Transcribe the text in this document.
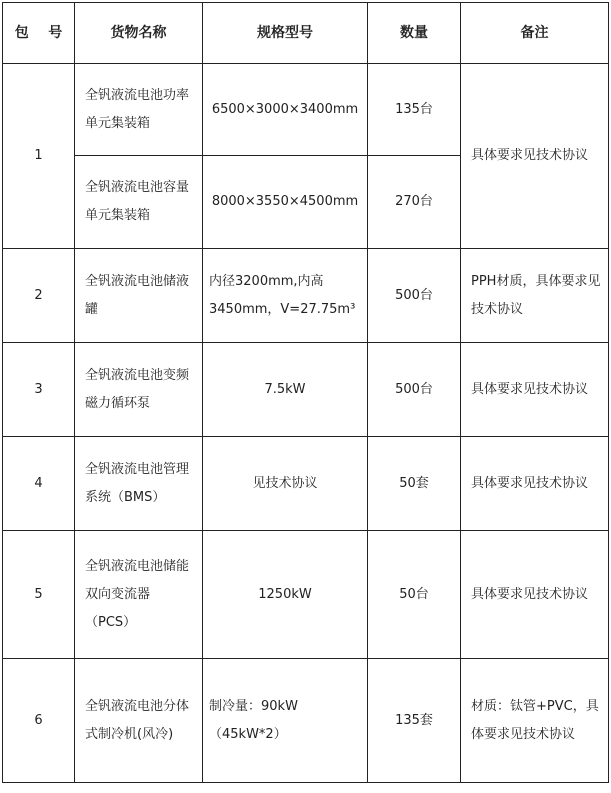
包    号	货物名称	规格型号	数量	备注
1	全钒液流电池功率单元集装箱	6500×3000×3400mm	135台	具体要求见技术协议
	全钒液流电池容量单元集装箱	8000×3550×4500mm	270台	
2	全钒液流电池储液罐	内径3200mm,内高3450mm，V=27.75m³	500台	PPH材质，具体要求见技术协议
3	全钒液流电池变频磁力循环泵	7.5kW	500台	具体要求见技术协议
4	全钒液流电池管理系统（BMS）	见技术协议	50套	具体要求见技术协议
5	全钒液流电池储能双向变流器（PCS）	1250kW	50台	具体要求见技术协议
6	全钒液流电池分体式制冷机(风冷)	制冷量：90kW（45kW*2）	135套	材质：钛管+PVC，具体要求见技术协议
